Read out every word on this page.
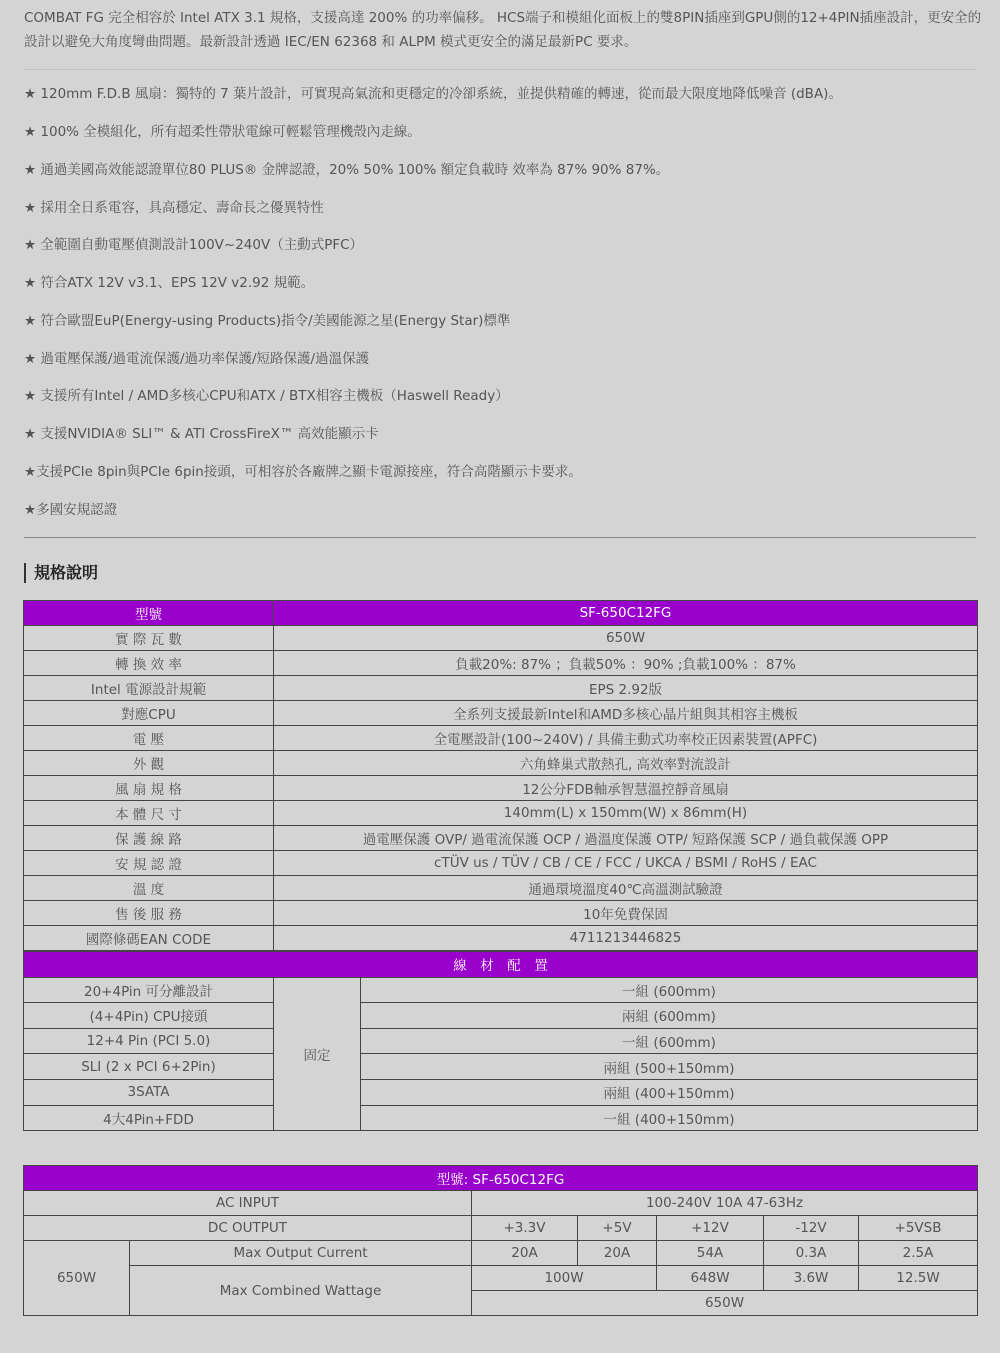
COMBAT FG 完全相容於 Intel ATX 3.1 規格，支援高達 200% 的功率偏移。 HCS端子和模組化面板上的雙8PIN插座到GPU側的12+4PIN插座設計，更安全的設計以避免大角度彎曲問題。最新設計透過 IEC/EN 62368 和 ALPM 模式更安全的滿足最新PC 要求。
★ 120mm F.D.B 風扇：獨特的 7 葉片設計，可實現高氣流和更穩定的冷卻系統，並提供精確的轉速，從而最大限度地降低噪音 (dBA)。
★ 100% 全模組化，所有超柔性帶狀電線可輕鬆管理機殼內走線。
★ 通過美國高效能認證單位80 PLUS® 金牌認證，20% 50% 100% 額定負載時 效率為 87% 90% 87%。
★ 採用全日系電容，具高穩定、壽命長之優異特性
★ 全範圍自動電壓偵測設計100V~240V（主動式PFC）
★ 符合ATX 12V v3.1、EPS 12V v2.92 規範。
★ 符合歐盟EuP(Energy-using Products)指令/美國能源之星(Energy Star)標準
★ 過電壓保護/過電流保護/過功率保護/短路保護/過溫保護
★ 支援所有Intel / AMD多核心CPU和ATX / BTX相容主機板（Haswell Ready）
★ 支援NVIDIA® SLI™ & ATI CrossFireX™ 高效能顯示卡
★支援PCIe 8pin與PCIe 6pin接頭，可相容於各廠牌之顯卡電源接座，符合高階顯示卡要求。
★多國安規認證
規格說明
型號	SF-650C12FG
實 際 瓦 數	650W
轉 換 效 率	負載20%: 87% ；負載50% ：90% ;負載100% ：87%
Intel 電源設計規範	EPS 2.92版
對應CPU	全系列支援最新Intel和AMD多核心晶片組與其相容主機板
電 壓	全電壓設計(100~240V) / 具備主動式功率校正因素裝置(APFC)
外 觀	六角蜂巢式散熱孔, 高效率對流設計
風 扇 規 格	12公分FDB軸承智慧溫控靜音風扇
本 體 尺 寸	140mm(L) x 150mm(W) x 86mm(H)
保 護 線 路	過電壓保護 OVP/ 過電流保護 OCP / 過溫度保護 OTP/ 短路保護 SCP / 過負載保護 OPP
安 規 認 證	cTÜV us / TÜV / CB / CE / FCC / UKCA / BSMI / RoHS / EAC
溫 度	通過環境溫度40℃高溫測試驗證
售 後 服 務	10年免費保固
國際條碼EAN CODE	4711213446825
線　材　配　置		
20+4Pin 可分離設計	固定	一組 (600mm)
(4+4Pin) CPU接頭		兩組 (600mm)
12+4 Pin (PCI 5.0)		一組 (600mm)
SLI (2 x PCI 6+2Pin)		兩組 (500+150mm)
3SATA		兩組 (400+150mm)
4大4Pin+FDD		一組 (400+150mm)
型號: SF-650C12FG						
AC INPUT		100-240V 10A 47-63Hz				
DC OUTPUT		+3.3V	+5V	+12V	-12V	+5VSB
650W	Max Output Current	20A	20A	54A	0.3A	2.5A
	Max Combined Wattage	100W		648W	3.6W	12.5W
		650W				
